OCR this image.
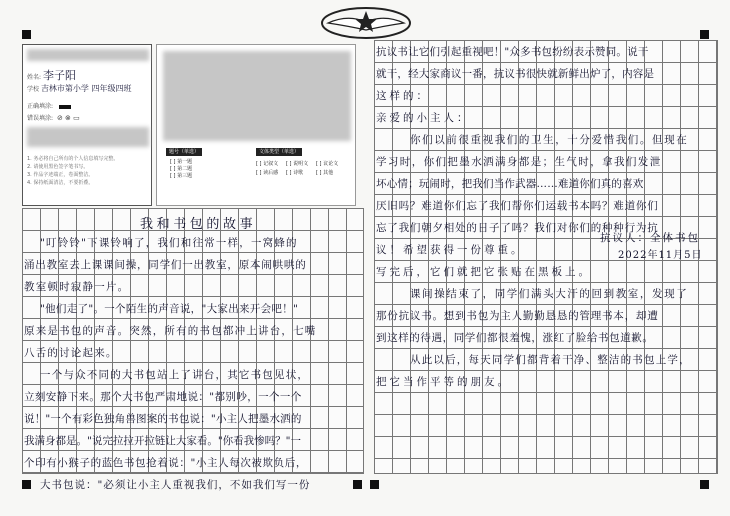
姓名: 李子阳
学校 吉林市第小学 四年级四班
正确填涂:
错误填涂: ⊘ ⊗ ▭
1. 务必将自己所有的个人信息填写完整。
2. 请使用黑色签字笔书写。
3. 作品字迹端正，卷面整洁。
4. 保持纸面清洁，不要折叠。
题号（单选）
[ ] 第一题
[ ] 第二题
[ ] 第三题
文体类型（单选）
[ ] 记叙文 [ ] 说明文 [ ] 议论文
[ ] 读后感 [ ] 诗歌	[ ] 其他
我和书包的故事
"叮铃铃"下课铃响了，我们和往常一样，一窝蜂的
涌出教室去上课课间操，同学们一出教室，原本闹哄哄的
教室顿时寂静一片。
"他们走了"。一个陌生的声音说，"大家出来开会吧！"
原来是书包的声音。突然，所有的书包都冲上讲台，七嘴
八舌的讨论起来。
一个与众不同的大书包站上了讲台，其它书包见状，
立刻安静下来。那个大书包严肃地说："都别吵，一个一个
说！"一个有彩色独角兽图案的书包说："小主人把墨水洒的
我满身都是。"说完拉拉开拉链让大家看。"你看我惨吗？"一
个印有小猴子的蓝色书包抢着说："小主人每次被欺负后，
大书包说："必须让小主人重视我们，不如我们写一份
抗议书让它们引起重视吧！"众多书包纷纷表示赞同。说干
就干，经大家商议一番，抗议书很快就新鲜出炉了，内容是
这样的：
亲爱的小主人：
你们以前很重视我们的卫生，十分爱惜我们。但现在
学习时，你们把墨水洒满身都是；生气时，拿我们发泄
坏心情；玩闹时，把我们当作武器……难道你们真的喜欢
厌旧吗？难道你们忘了我们帮你们运载书本吗？难道你们
忘了我们朝夕相处的日子了吗？我们对你们的种种行为抗
议！希望获得一份尊重。
抗议人：全体书包
2022年11月5日
写完后，它们就把它张贴在黑板上。
课间操结束了，同学们满头大汗的回到教室，发现了
那份抗议书。想到书包为主人勤勤恳恳的管理书本，却遭
到这样的待遇，同学们都很羞愧，涨红了脸给书包道歉。
从此以后，每天同学们都背着干净、整洁的书包上学，
把它当作平等的朋友。
